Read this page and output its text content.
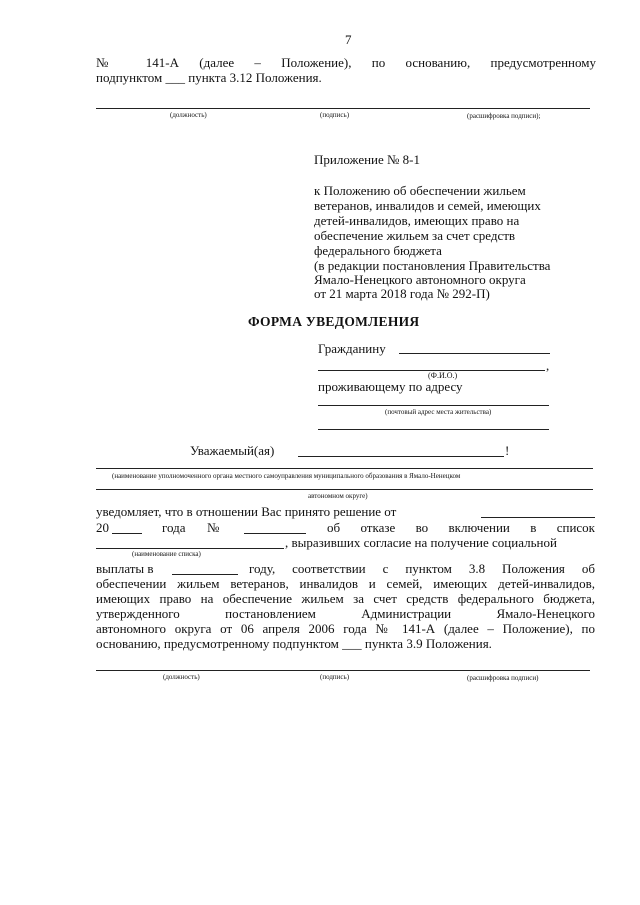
7
№ 141-А (далее – Положение), по основанию, предусмотренному
подпунктом ___ пункта 3.12 Положения.
(должность)	(подпись)	(расшифровка подписи);
Приложение № 8-1
к Положению об обеспечении жильем
ветеранов, инвалидов и семей, имеющих
детей-инвалидов, имеющих право на
обеспечение жильем за счет средств
федерального бюджета
(в редакции постановления Правительства
Ямало-Ненецкого автономного округа
от 21 марта 2018 года № 292-П)
ФОРМА УВЕДОМЛЕНИЯ
Гражданину
,
(Ф.И.О.)
проживающему по адресу
(почтовый адрес места жительства)
Уважаемый(ая)	!
(наименование уполномоченного органа местного самоуправления муниципального образования в Ямало-Ненецком
автономном округе)
уведомляет, что в отношении Вас принято решение от
20	года №	об отказе во включении в список
, выразивших согласие на получение социальной
(наименование списка)
выплаты в	году, соответствии с пунктом 3.8 Положения об
обеспечении жильем ветеранов, инвалидов и семей, имеющих детей-инвалидов,
имеющих право на обеспечение жильем за счет средств федерального бюджета,
утвержденного постановлением Администрации Ямало-Ненецкого
автономного округа от 06 апреля 2006 года № 141-А (далее – Положение), по
основанию, предусмотренному подпунктом ___ пункта 3.9 Положения.
(должность)	(подпись)	(расшифровка подписи)
